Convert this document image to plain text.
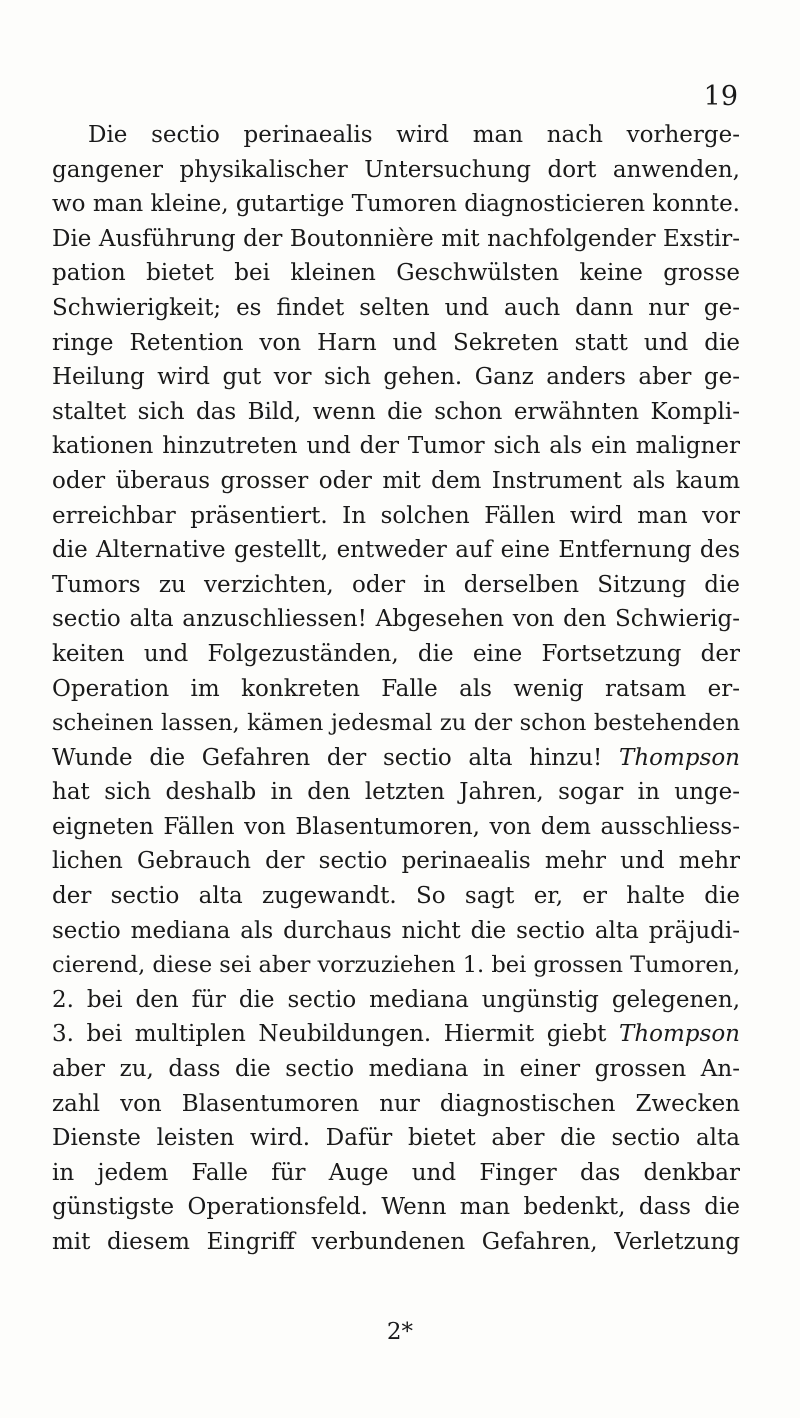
19
Die sectio perinaealis wird man nach vorherge-
gangener physikalischer Untersuchung dort anwenden,
wo man kleine, gutartige Tumoren diagnosticieren konnte.
Die Ausführung der Boutonnière mit nachfolgender Exstir-
pation bietet bei kleinen Geschwülsten keine grosse
Schwierigkeit; es findet selten und auch dann nur ge-
ringe Retention von Harn und Sekreten statt und die
Heilung wird gut vor sich gehen. Ganz anders aber ge-
staltet sich das Bild, wenn die schon erwähnten Kompli-
kationen hinzutreten und der Tumor sich als ein maligner
oder überaus grosser oder mit dem Instrument als kaum
erreichbar präsentiert. In solchen Fällen wird man vor
die Alternative gestellt, entweder auf eine Entfernung des
Tumors zu verzichten, oder in derselben Sitzung die
sectio alta anzuschliessen! Abgesehen von den Schwierig-
keiten und Folgezuständen, die eine Fortsetzung der
Operation im konkreten Falle als wenig ratsam er-
scheinen lassen, kämen jedesmal zu der schon bestehenden
Wunde die Gefahren der sectio alta hinzu! Thompson
hat sich deshalb in den letzten Jahren, sogar in unge-
eigneten Fällen von Blasentumoren, von dem ausschliess-
lichen Gebrauch der sectio perinaealis mehr und mehr
der sectio alta zugewandt. So sagt er, er halte die
sectio mediana als durchaus nicht die sectio alta präjudi-
cierend, diese sei aber vorzuziehen 1. bei grossen Tumoren,
2. bei den für die sectio mediana ungünstig gelegenen,
3. bei multiplen Neubildungen. Hiermit giebt Thompson
aber zu, dass die sectio mediana in einer grossen An-
zahl von Blasentumoren nur diagnostischen Zwecken
Dienste leisten wird. Dafür bietet aber die sectio alta
in jedem Falle für Auge und Finger das denkbar
günstigste Operationsfeld. Wenn man bedenkt, dass die
mit diesem Eingriff verbundenen Gefahren, Verletzung
2*
